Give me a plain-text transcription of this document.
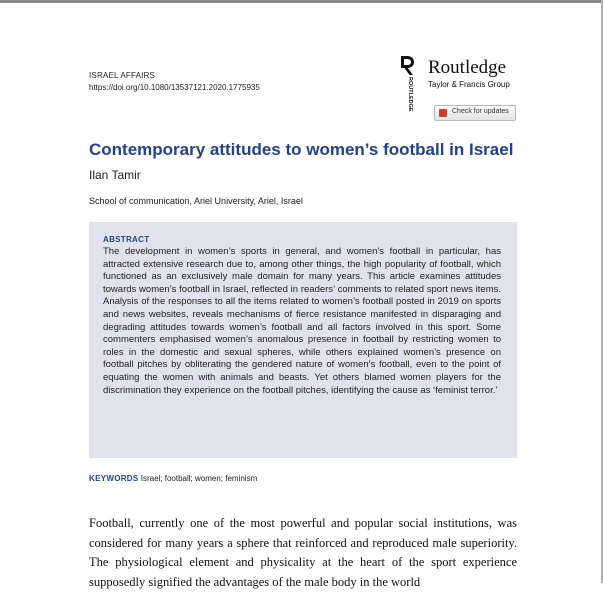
ISRAEL AFFAIRS
https://doi.org/10.1080/13537121.2020.1775935	ROUTLEDGE
Routledge
Taylor & Francis Group
Check for updates
Contemporary attitudes to women’s football in Israel
Ilan Tamir
School of communication, Ariel University, Ariel, Israel
ABSTRACT

The development in women’s sports in general, and women’s football in particular, has attracted extensive research due to, among other things, the high popularity of football, which functioned as an exclusively male domain for many years. This article examines attitudes towards women’s football in Israel, reflected in readers’ comments to related sport news items. Analysis of the responses to all the items related to women’s football posted in 2019 on sports and news websites, reveals mechanisms of fierce resistance manifested in disparaging and degrading attitudes towards women’s football and all factors involved in this sport. Some commenters emphasised women’s anomalous presence in football by restricting women to roles in the domestic and sexual spheres, while others explained women’s presence on football pitches by obliterating the gendered nature of women’s football, even to the point of equating the women with animals and beasts. Yet others blamed women players for the discrimination they experience on the football pitches, identifying the cause as ‘feminist terror.’

KEYWORDS Israel; football; women; feminism

Football, currently one of the most powerful and popular social institutions, was considered for many years a sphere that reinforced and reproduced male superiority. The physiological element and physicality at the heart of the sport experience supposedly signified the advantages of the male body in the world
